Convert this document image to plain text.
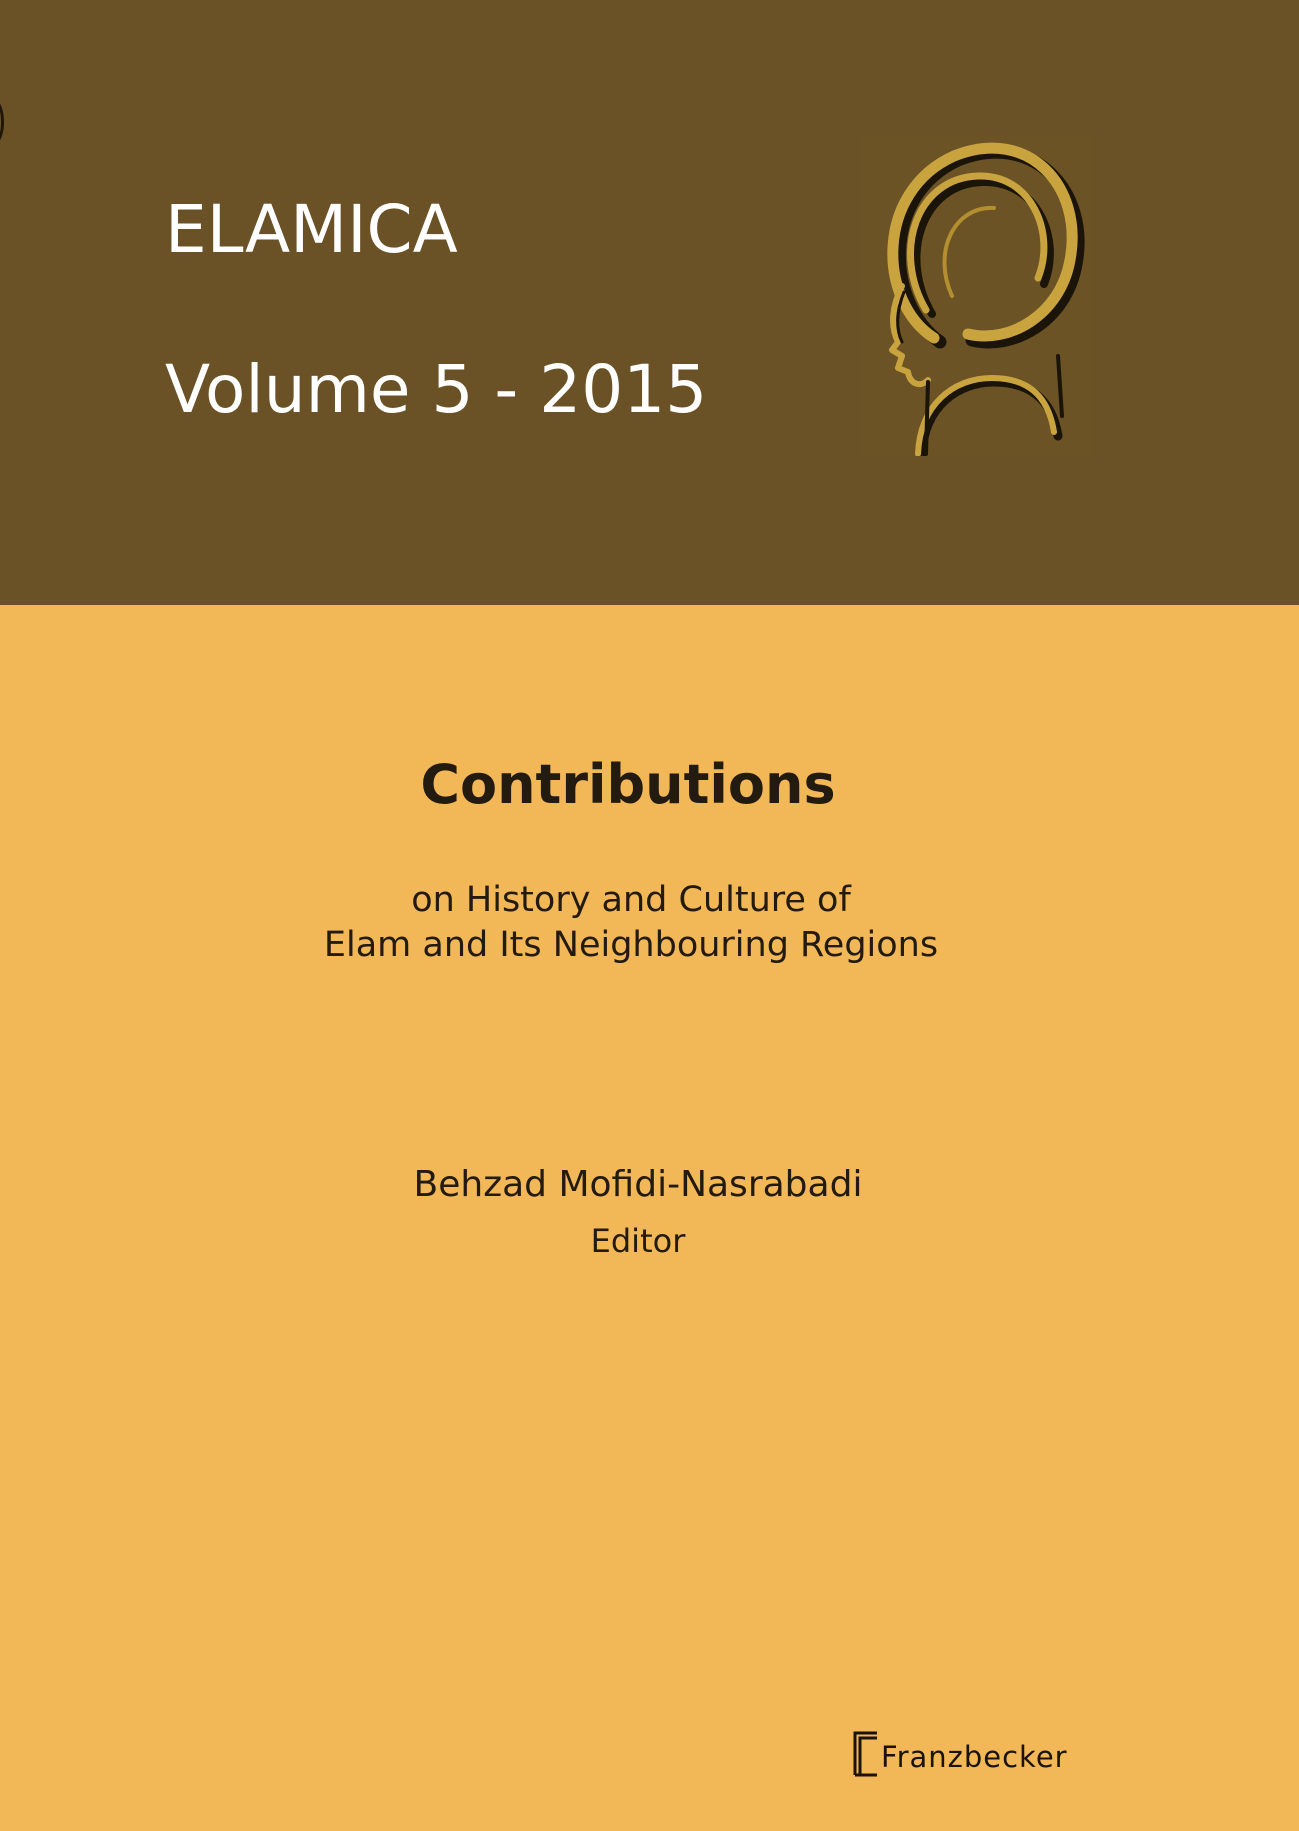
ELAMICA
Volume 5 - 2015
Contributions
on History and Culture of
Elam and Its Neighbouring Regions
Behzad Mofidi-Nasrabadi
Editor
Franzbecker
